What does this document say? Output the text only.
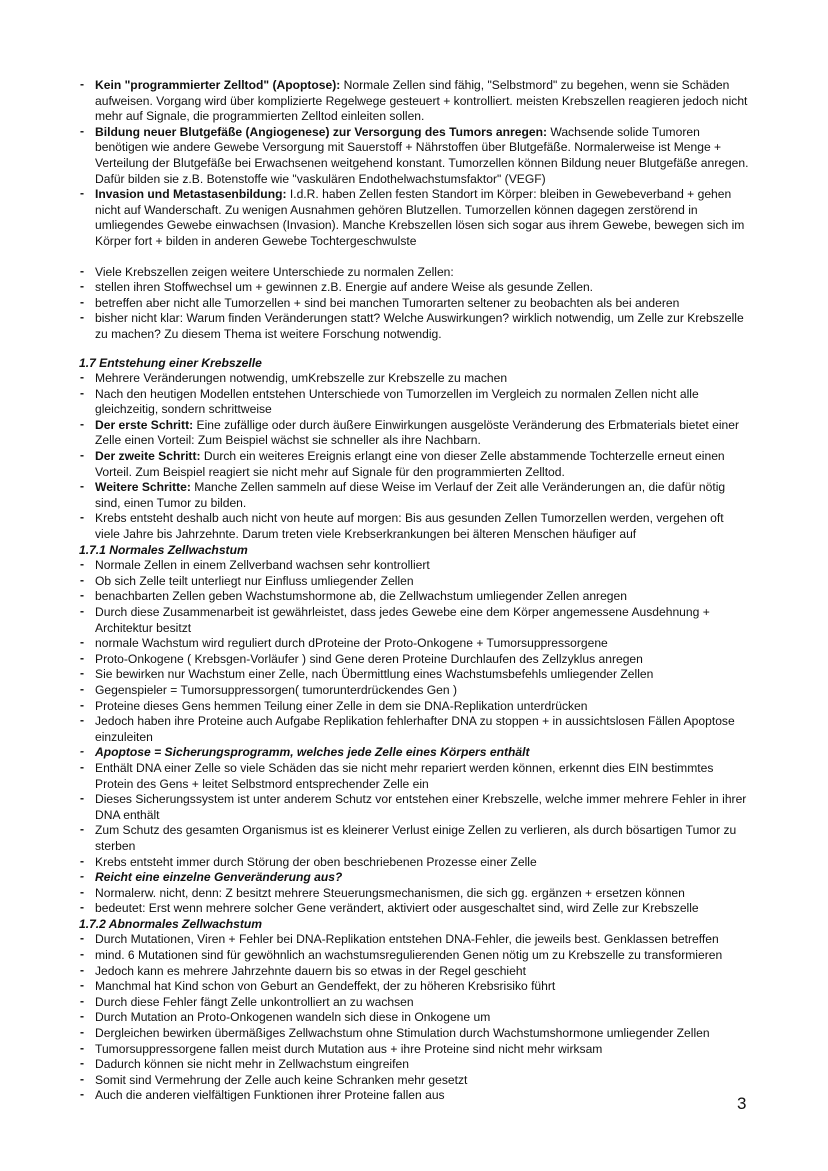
- Kein "programmierter Zelltod" (Apoptose): Normale Zellen sind fähig, "Selbstmord" zu begehen, wenn sie Schäden aufweisen. Vorgang wird über komplizierte Regelwege gesteuert + kontrolliert. meisten Krebszellen reagieren jedoch nicht mehr auf Signale, die programmierten Zelltod einleiten sollen.
- Bildung neuer Blutgefäße (Angiogenese) zur Versorgung des Tumors anregen: Wachsende solide Tumoren benötigen wie andere Gewebe Versorgung mit Sauerstoff + Nährstoffen über Blutgefäße. Normalerweise ist Menge + Verteilung der Blutgefäße bei Erwachsenen weitgehend konstant. Tumorzellen können Bildung neuer Blutgefäße anregen. Dafür bilden sie z.B. Botenstoffe wie "vaskulären Endothelwachstumsfaktor" (VEGF)
- Invasion und Metastasenbildung: I.d.R. haben Zellen festen Standort im Körper: bleiben in Gewebeverband + gehen nicht auf Wanderschaft. Zu wenigen Ausnahmen gehören Blutzellen. Tumorzellen können dagegen zerstörend in umliegendes Gewebe einwachsen (Invasion). Manche Krebszellen lösen sich sogar aus ihrem Gewebe, bewegen sich im Körper fort + bilden in anderen Gewebe Tochtergeschwulste
- Viele Krebszellen zeigen weitere Unterschiede zu normalen Zellen:
- stellen ihren Stoffwechsel um + gewinnen z.B. Energie auf andere Weise als gesunde Zellen.
- betreffen aber nicht alle Tumorzellen + sind bei manchen Tumorarten seltener zu beobachten als bei anderen
- bisher nicht klar: Warum finden Veränderungen statt? Welche Auswirkungen? wirklich notwendig, um Zelle zur Krebszelle zu machen? Zu diesem Thema ist weitere Forschung notwendig.

1.7 Entstehung einer Krebszelle

- Mehrere Veränderungen notwendig, umKrebszelle zur Krebszelle zu machen
- Nach den heutigen Modellen entstehen Unterschiede von Tumorzellen im Vergleich zu normalen Zellen nicht alle gleichzeitig, sondern schrittweise
- Der erste Schritt: Eine zufällige oder durch äußere Einwirkungen ausgelöste Veränderung des Erbmaterials bietet einer Zelle einen Vorteil: Zum Beispiel wächst sie schneller als ihre Nachbarn.
- Der zweite Schritt: Durch ein weiteres Ereignis erlangt eine von dieser Zelle abstammende Tochterzelle erneut einen Vorteil. Zum Beispiel reagiert sie nicht mehr auf Signale für den programmierten Zelltod.
- Weitere Schritte: Manche Zellen sammeln auf diese Weise im Verlauf der Zeit alle Veränderungen an, die dafür nötig sind, einen Tumor zu bilden.
- Krebs entsteht deshalb auch nicht von heute auf morgen: Bis aus gesunden Zellen Tumorzellen werden, vergehen oft viele Jahre bis Jahrzehnte. Darum treten viele Krebserkrankungen bei älteren Menschen häufiger auf

1.7.1 Normales Zellwachstum

- Normale Zellen in einem Zellverband wachsen sehr kontrolliert
- Ob sich Zelle teilt unterliegt nur Einfluss umliegender Zellen
- benachbarten Zellen geben Wachstumshormone ab, die Zellwachstum umliegender Zellen anregen
- Durch diese Zusammenarbeit ist gewährleistet, dass jedes Gewebe eine dem Körper angemessene Ausdehnung + Architektur besitzt
- normale Wachstum wird reguliert durch dProteine der Proto-Onkogene + Tumorsuppressorgene
- Proto-Onkogene ( Krebsgen-Vorläufer ) sind Gene deren Proteine Durchlaufen des Zellzyklus anregen
- Sie bewirken nur Wachstum einer Zelle, nach Übermittlung eines Wachstumsbefehls umliegender Zellen
- Gegenspieler = Tumorsuppressorgen( tumorunterdrückendes Gen )
- Proteine dieses Gens hemmen Teilung einer Zelle in dem sie DNA-Replikation unterdrücken
- Jedoch haben ihre Proteine auch Aufgabe Replikation fehlerhafter DNA zu stoppen + in aussichtslosen Fällen Apoptose einzuleiten
- Apoptose = Sicherungsprogramm, welches jede Zelle eines Körpers enthält
- Enthält DNA einer Zelle so viele Schäden das sie nicht mehr repariert werden können, erkennt dies EIN bestimmtes Protein des Gens + leitet Selbstmord entsprechender Zelle ein
- Dieses Sicherungssystem ist unter anderem Schutz vor entstehen einer Krebszelle, welche immer mehrere Fehler in ihrer DNA enthält
- Zum Schutz des gesamten Organismus ist es kleinerer Verlust einige Zellen zu verlieren, als durch bösartigen Tumor zu sterben
- Krebs entsteht immer durch Störung der oben beschriebenen Prozesse einer Zelle
- Reicht eine einzelne Genveränderung aus?
- Normalerw. nicht, denn: Z besitzt mehrere Steuerungsmechanismen, die sich gg. ergänzen + ersetzen können
- bedeutet: Erst wenn mehrere solcher Gene verändert, aktiviert oder ausgeschaltet sind, wird Zelle zur Krebszelle

1.7.2 Abnormales Zellwachstum

- Durch Mutationen, Viren + Fehler bei DNA-Replikation entstehen DNA-Fehler, die jeweils best. Genklassen betreffen
- mind. 6 Mutationen sind für gewöhnlich an wachstumsregulierenden Genen nötig um zu Krebszelle zu transformieren
- Jedoch kann es mehrere Jahrzehnte dauern bis so etwas in der Regel geschieht
- Manchmal hat Kind schon von Geburt an Gendeffekt, der zu höheren Krebsrisiko führt
- Durch diese Fehler fängt Zelle unkontrolliert an zu wachsen
- Durch Mutation an Proto-Onkogenen wandeln sich diese in Onkogene um
- Dergleichen bewirken übermäßiges Zellwachstum ohne Stimulation durch Wachstumshormone umliegender Zellen
- Tumorsuppressorgene fallen meist durch Mutation aus + ihre Proteine sind nicht mehr wirksam
- Dadurch können sie nicht mehr in Zellwachstum eingreifen
- Somit sind Vermehrung der Zelle auch keine Schranken mehr gesetzt
- Auch die anderen vielfältigen Funktionen ihrer Proteine fallen aus	3
